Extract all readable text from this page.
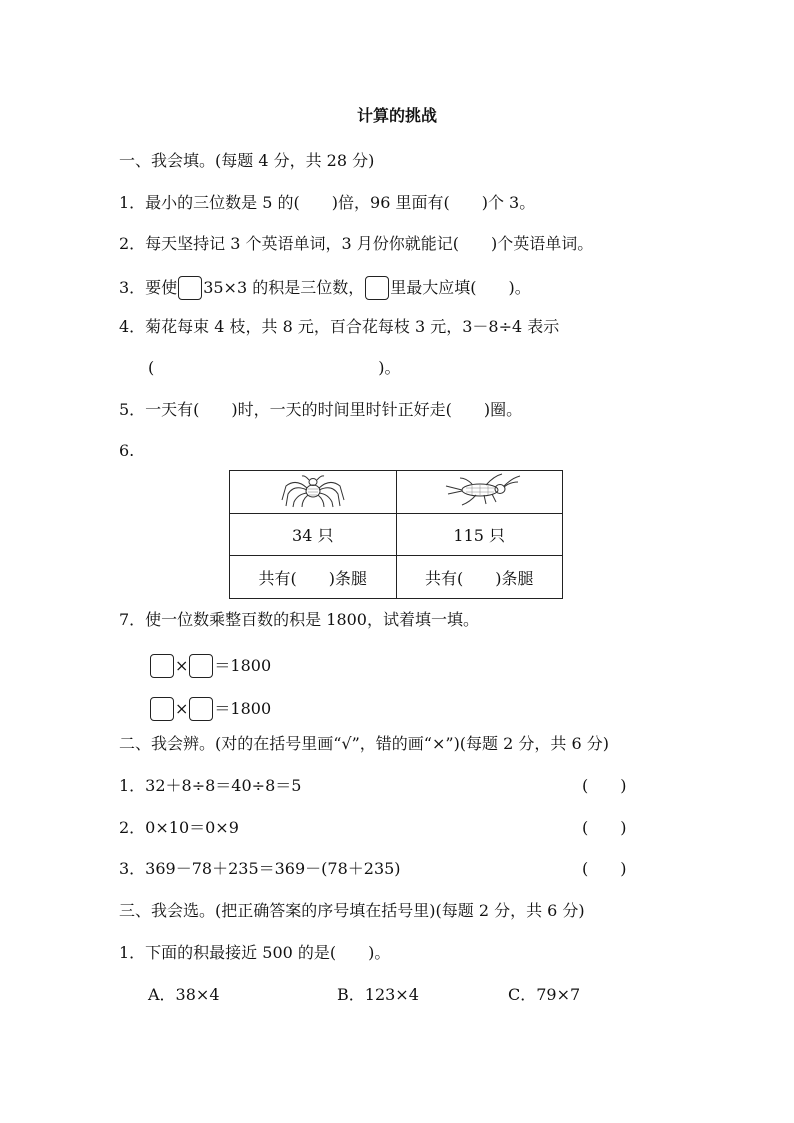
计算的挑战
一、我会填。(每题 4 分，共 28 分)
1．最小的三位数是 5 的(　　)倍，96 里面有(　　)个 3。
2．每天坚持记 3 个英语单词，3 月份你就能记(　　)个英语单词。
3．要使 35×3 的积是三位数， 里最大应填(　　)。
4．菊花每束 4 枝，共 8 元，百合花每枝 3 元，3－8÷4 表示
(　　　　　　　　　　　　　　)。
5．一天有(　　)时，一天的时间里时针正好走(　　)圈。
6.

34 只	115 只
共有(　　)条腿	共有(　　)条腿
7．使一位数乘整百数的积是 1800，试着填一填。
× ＝1800
× ＝1800
二、我会辨。(对的在括号里画“√”，错的画“×”)(每题 2 分，共 6 分)
1．32＋8÷8＝40÷8＝5	(　　)
2．0×10＝0×9	(　　)
3．369－78＋235＝369－(78＋235)	(　　)
三、我会选。(把正确答案的序号填在括号里)(每题 2 分，共 6 分)
1．下面的积最接近 500 的是(　　)。
A．38×4	B．123×4	C．79×7
